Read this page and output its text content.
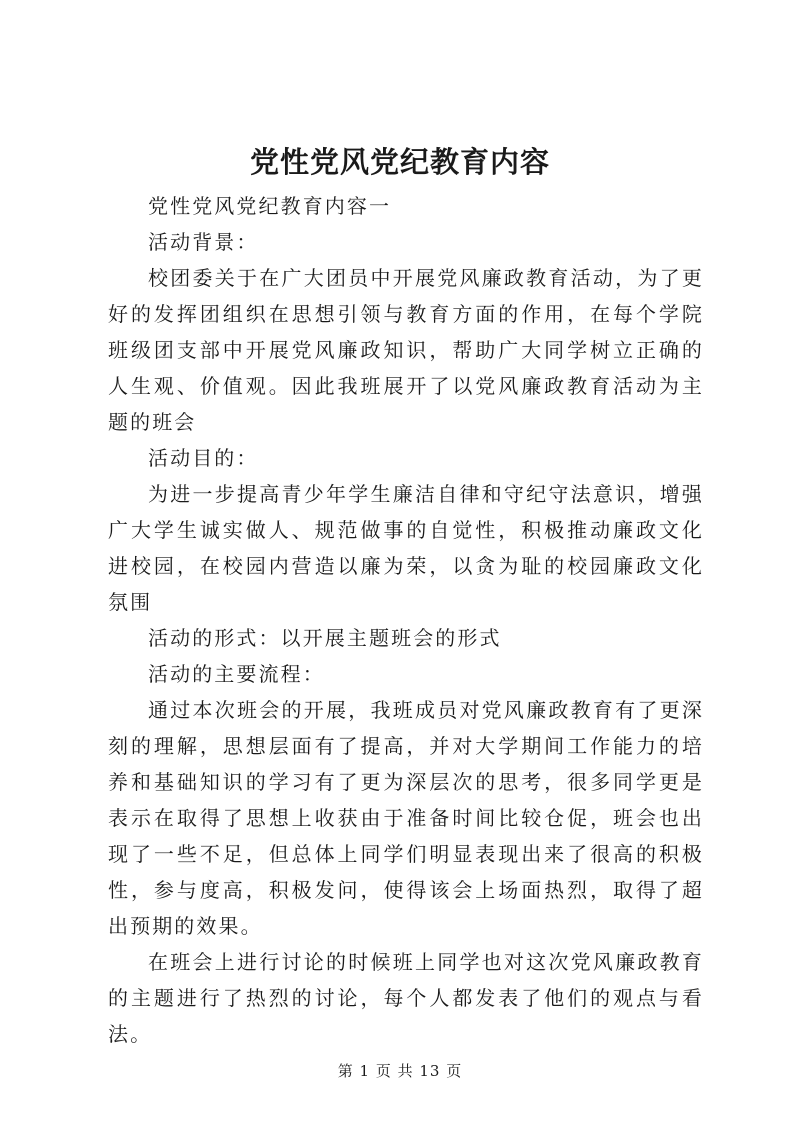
党性党风党纪教育内容

党性党风党纪教育内容一

活动背景：

校团委关于在广大团员中开展党风廉政教育活动，为了更好的发挥团组织在思想引领与教育方面的作用，在每个学院班级团支部中开展党风廉政知识，帮助广大同学树立正确的人生观、价值观。因此我班展开了以党风廉政教育活动为主题的班会

活动目的：

为进一步提高青少年学生廉洁自律和守纪守法意识，增强广大学生诚实做人、规范做事的自觉性，积极推动廉政文化进校园，在校园内营造以廉为荣，以贪为耻的校园廉政文化氛围

活动的形式：以开展主题班会的形式

活动的主要流程：

通过本次班会的开展，我班成员对党风廉政教育有了更深刻的理解，思想层面有了提高，并对大学期间工作能力的培养和基础知识的学习有了更为深层次的思考，很多同学更是表示在取得了思想上收获由于准备时间比较仓促，班会也出现了一些不足，但总体上同学们明显表现出来了很高的积极性，参与度高，积极发问，使得该会上场面热烈，取得了超出预期的效果。

在班会上进行讨论的时候班上同学也对这次党风廉政教育的主题进行了热烈的讨论，每个人都发表了他们的观点与看法。

第 1 页 共 13 页
